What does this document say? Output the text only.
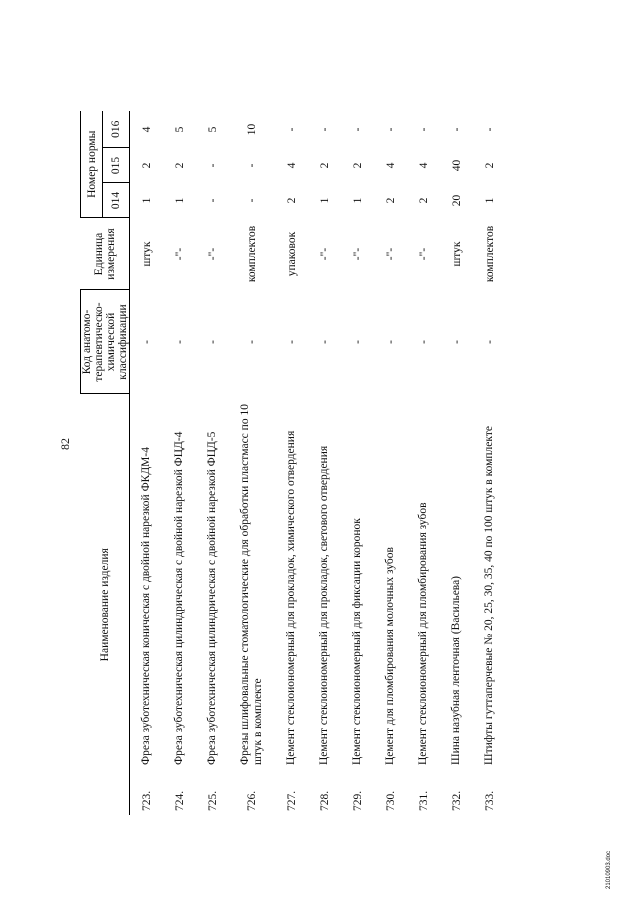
82
Наименование изделия		Код анатомо-
терапевтическо-
химической
классификации	Единица
измерения	Номер нормы		
				014	015	016
723.	Фреза зуботехническая коническая с двойной нарезкой ФКДМ-4	-	штук	1	2	4
724.	Фреза зуботехническая цилиндрическая с двойной нарезкой ФЦД-4	-	-"-	1	2	5
725.	Фреза зуботехническая цилиндрическая с двойной нарезкой ФЦД-5	-	-"-	-	-	5
726.	Фрезы шлифовальные стоматологические для обработки пластмасс по 10 штук в комплекте	-	комплектов	-	-	10
727.	Цемент стеклоиономерный для прокладок, химического отвердения	-	упаковок	2	4	-
728.	Цемент стеклоиономерный для прокладок, светового отвердения	-	-"-	1	2	-
729.	Цемент стеклоиономерный для фиксации коронок	-	-"-	1	2	-
730.	Цемент для пломбирования молочных зубов	-	-"-	2	4	-
731.	Цемент стеклоиономерный для пломбирования зубов	-	-"-	2	4	-
732.	Шина назубная ленточная (Васильева)	-	штук	20	40	-
733.	Штифты гуттаперчевые № 20, 25, 30, 35, 40 по 100 штук в комплекте	-	комплектов	1	2	-
21010903.doc
